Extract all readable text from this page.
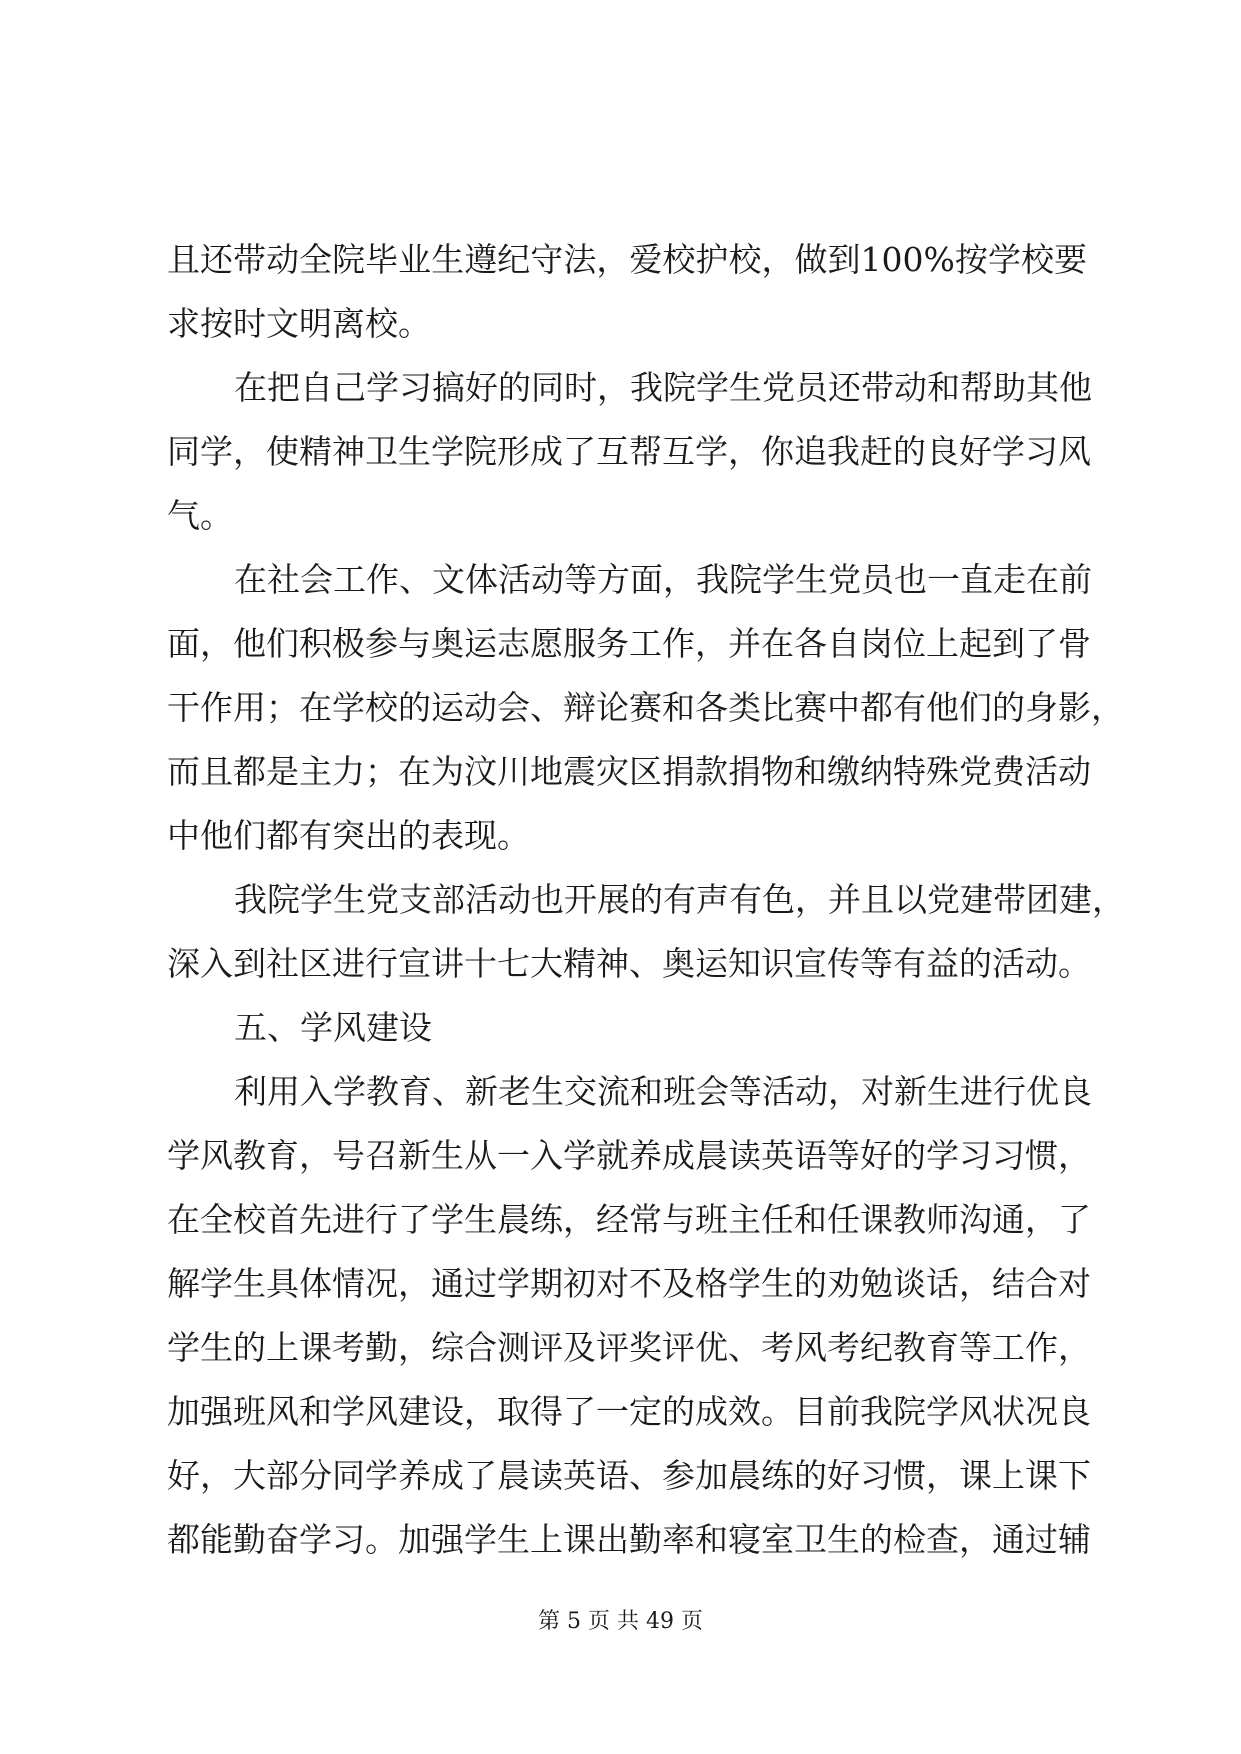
且还带动全院毕业生遵纪守法，爱校护校，做到100%按学校要
求按时文明离校。
在把自己学习搞好的同时，我院学生党员还带动和帮助其他
同学，使精神卫生学院形成了互帮互学，你追我赶的良好学习风
气。
在社会工作、文体活动等方面，我院学生党员也一直走在前
面，他们积极参与奥运志愿服务工作，并在各自岗位上起到了骨
干作用；在学校的运动会、辩论赛和各类比赛中都有他们的身影，
而且都是主力；在为汶川地震灾区捐款捐物和缴纳特殊党费活动
中他们都有突出的表现。
我院学生党支部活动也开展的有声有色，并且以党建带团建，
深入到社区进行宣讲十七大精神、奥运知识宣传等有益的活动。
五、学风建设
利用入学教育、新老生交流和班会等活动，对新生进行优良
学风教育，号召新生从一入学就养成晨读英语等好的学习习惯，
在全校首先进行了学生晨练，经常与班主任和任课教师沟通，了
解学生具体情况，通过学期初对不及格学生的劝勉谈话，结合对
学生的上课考勤，综合测评及评奖评优、考风考纪教育等工作，
加强班风和学风建设，取得了一定的成效。目前我院学风状况良
好，大部分同学养成了晨读英语、参加晨练的好习惯，课上课下
都能勤奋学习。加强学生上课出勤率和寝室卫生的检查，通过辅
第 5 页 共 49 页
